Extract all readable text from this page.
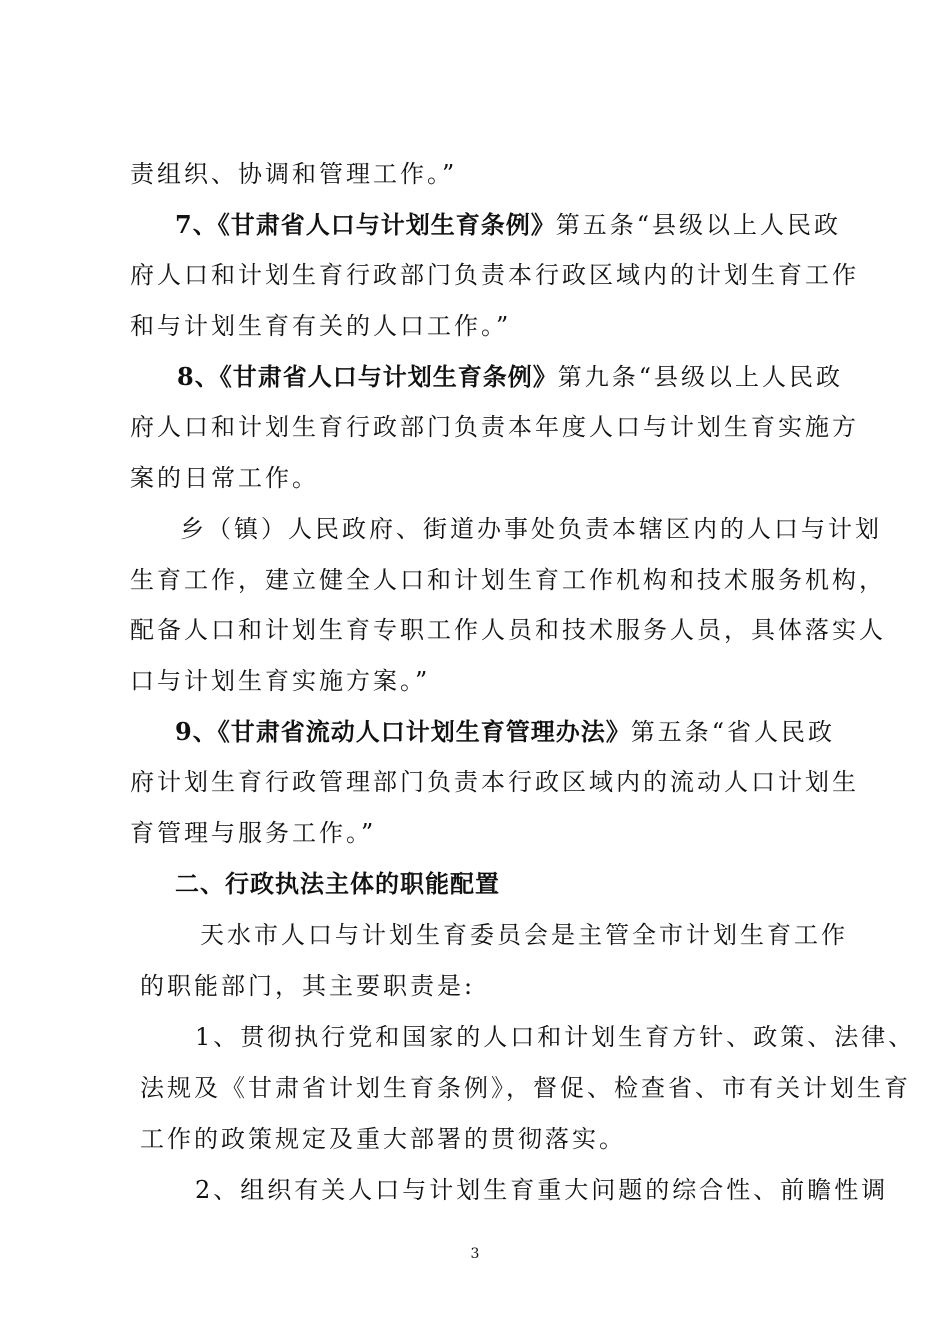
责组织、协调和管理工作。”
7、《甘肃省人口与计划生育条例》第五条“县级以上人民政
府人口和计划生育行政部门负责本行政区域内的计划生育工作
和与计划生育有关的人口工作。”
8、《甘肃省人口与计划生育条例》第九条“县级以上人民政
府人口和计划生育行政部门负责本年度人口与计划生育实施方
案的日常工作。
乡（镇）人民政府、街道办事处负责本辖区内的人口与计划
生育工作，建立健全人口和计划生育工作机构和技术服务机构，
配备人口和计划生育专职工作人员和技术服务人员，具体落实人
口与计划生育实施方案。”
9、《甘肃省流动人口计划生育管理办法》第五条“省人民政
府计划生育行政管理部门负责本行政区域内的流动人口计划生
育管理与服务工作。”
二、行政执法主体的职能配置
天水市人口与计划生育委员会是主管全市计划生育工作
的职能部门，其主要职责是:
1、贯彻执行党和国家的人口和计划生育方针、政策、法律、
法规及《甘肃省计划生育条例》，督促、检查省、市有关计划生育
工作的政策规定及重大部署的贯彻落实。
2、组织有关人口与计划生育重大问题的综合性、前瞻性调
3
